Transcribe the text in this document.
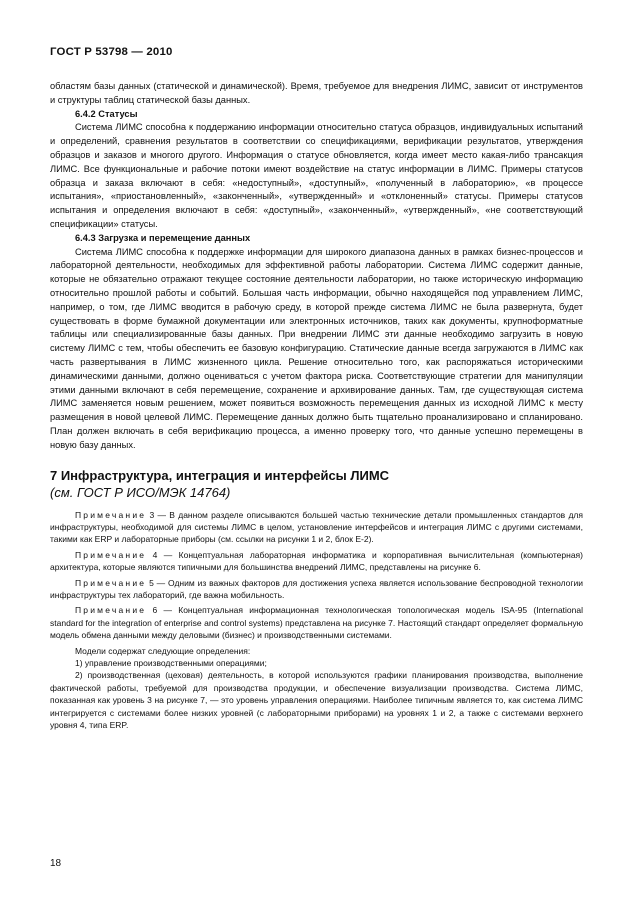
ГОСТ Р 53798 — 2010

областям базы данных (статической и динамической). Время, требуемое для внедрения ЛИМС, зависит от инструментов и структуры таблиц статической базы данных.

6.4.2 Статусы

Система ЛИМС способна к поддержанию информации относительно статуса образцов, индивидуальных испытаний и определений, сравнения результатов в соответствии со спецификациями, верификации результатов, утверждения образцов и заказов и многого другого. Информация о статусе обновляется, когда имеет место какая-либо трансакция ЛИМС. Все функциональные и рабочие потоки имеют воздействие на статус информации в ЛИМС. Примеры статусов образца и заказа включают в себя: «недоступный», «доступный», «полученный в лабораторию», «в процессе испытания», «приостановленный», «законченный», «утвержденный» и «отклоненный» статусы. Примеры статусов испытания и определения включают в себя: «доступный», «законченный», «утвержденный», «не соответствующий спецификации» статусы.

6.4.3 Загрузка и перемещение данных

Система ЛИМС способна к поддержке информации для широкого диапазона данных в рамках бизнес-процессов и лабораторной деятельности, необходимых для эффективной работы лаборатории. Система ЛИМС содержит данные, которые не обязательно отражают текущее состояние деятельности лаборатории, но также историческую информацию относительно прошлой работы и событий. Большая часть информации, обычно находящейся под управлением ЛИМС, например, о том, где ЛИМС вводится в рабочую среду, в которой прежде система ЛИМС не была развернута, будет существовать в форме бумажной документации или электронных источников, таких как документы, крупноформатные таблицы или специализированные базы данных. При внедрении ЛИМС эти данные необходимо загрузить в новую систему ЛИМС с тем, чтобы обеспечить ее базовую конфигурацию. Статические данные всегда загружаются в ЛИМС как часть развертывания в ЛИМС жизненного цикла. Решение относительно того, как распоряжаться историческими динамическими данными, должно оцениваться с учетом фактора риска. Соответствующие стратегии для манипуляции этими данными включают в себя перемещение, сохранение и архивирование данных. Там, где существующая система ЛИМС заменяется новым решением, может появиться возможность перемещения данных из исходной ЛИМС к месту размещения в новой целевой ЛИМС. Перемещение данных должно быть тщательно проанализировано и спланировано. План должен включать в себя верификацию процесса, а именно проверку того, что данные успешно перемещены в новую базу данных.

7 Инфраструктура, интеграция и интерфейсы ЛИМС
(см. ГОСТ Р ИСО/МЭК 14764)

Примечание 3 — В данном разделе описываются большей частью технические детали промышленных стандартов для инфраструктуры, необходимой для системы ЛИМС в целом, установление интерфейсов и интеграция ЛИМС с другими системами, такими как ERP и лабораторные приборы (см. ссылки на рисунки 1 и 2, блок Е-2).

Примечание 4 — Концептуальная лабораторная информатика и корпоративная вычислительная (компьютерная) архитектура, которые являются типичными для большинства внедрений ЛИМС, представлены на рисунке 6.

Примечание 5 — Одним из важных факторов для достижения успеха является использование беспроводной технологии инфраструктуры тех лабораторий, где важна мобильность.

Примечание 6 — Концептуальная информационная технологическая топологическая модель ISA-95 (International standard for the integration of enterprise and control systems) представлена на рисунке 7. Настоящий стандарт определяет формальную модель обмена данными между деловыми (бизнес) и производственными системами.

Модели содержат следующие определения:

1) управление производственными операциями;

2) производственная (цеховая) деятельность, в которой используются графики планирования производства, выполнение фактической работы, требуемой для производства продукции, и обеспечение визуализации производства. Система ЛИМС, показанная как уровень 3 на рисунке 7, — это уровень управления операциями. Наиболее типичным является то, как система ЛИМС интегрируется с системами более низких уровней (с лабораторными приборами) на уровнях 1 и 2, а также с системами верхнего уровня 4, типа ERP.

18
